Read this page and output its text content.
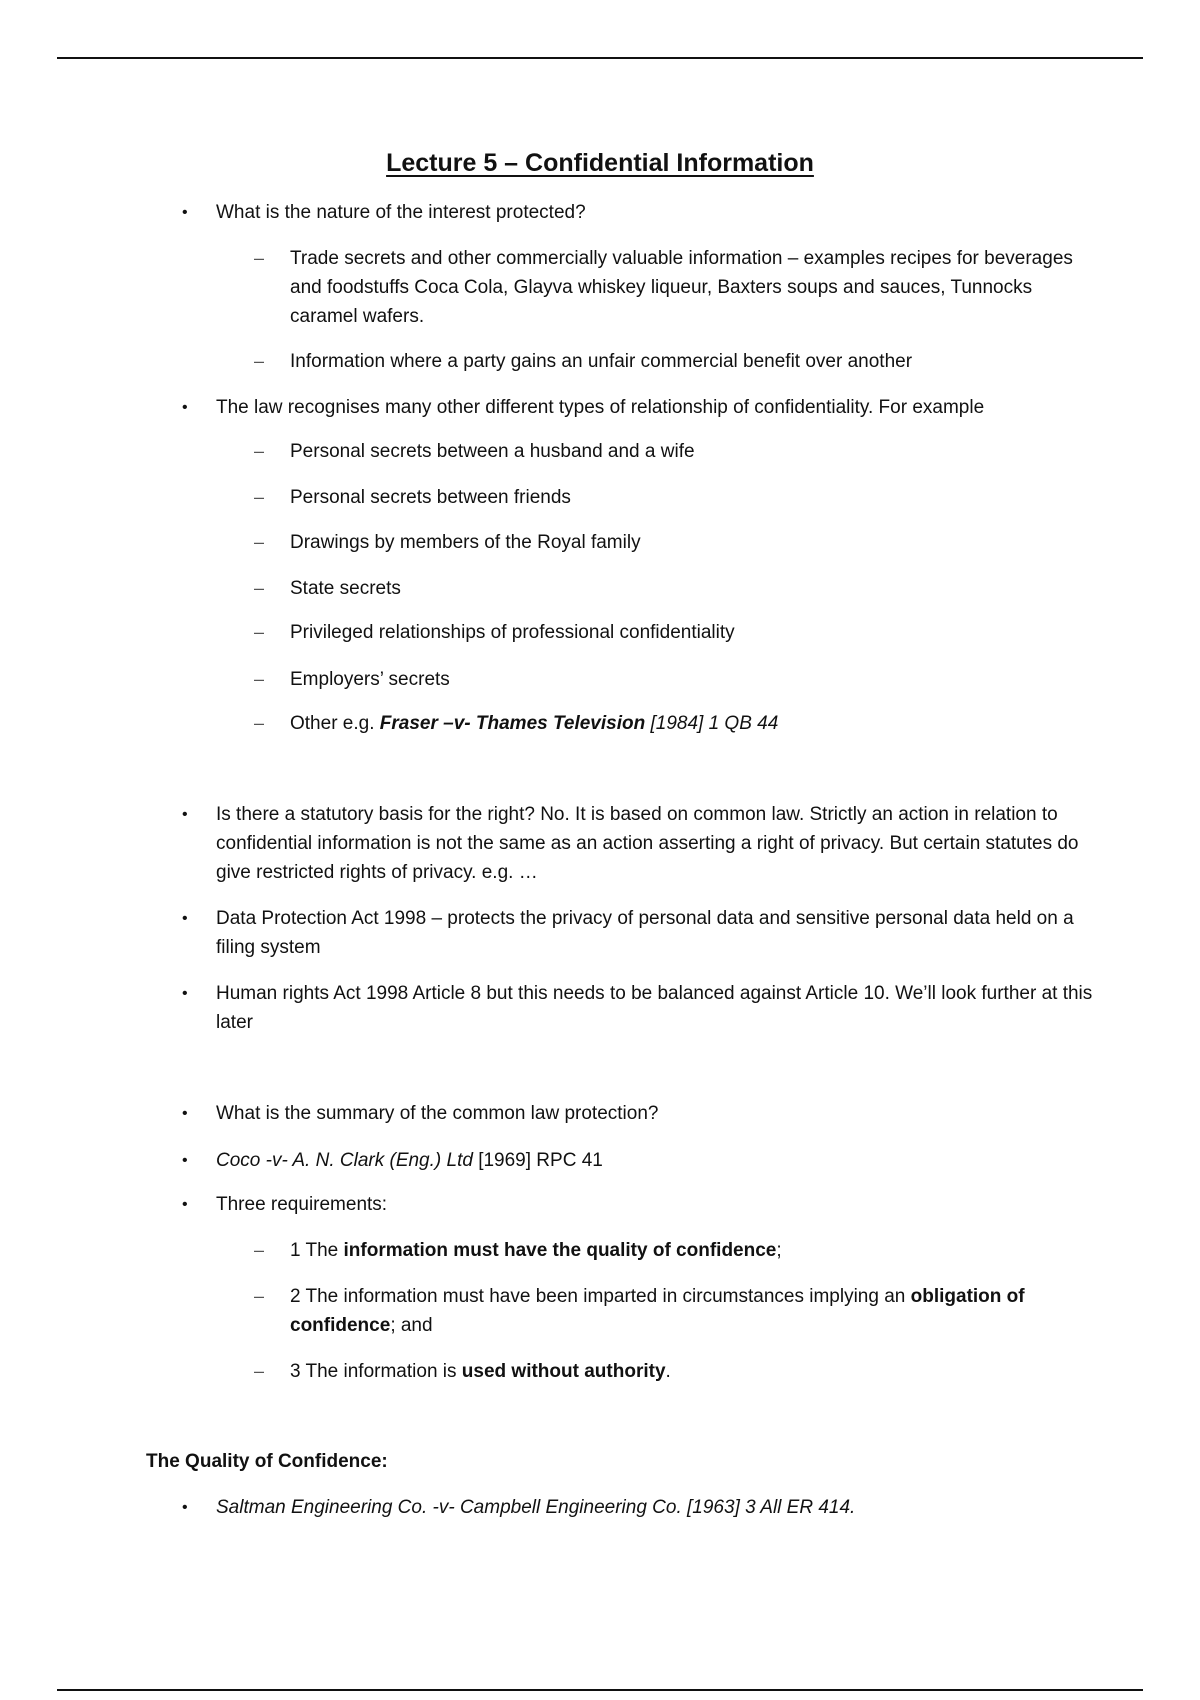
Lecture 5 – Confidential Information
• What is the nature of the interest protected?
– Trade secrets and other commercially valuable information – examples recipes for beverages and foodstuffs Coca Cola, Glayva whiskey liqueur, Baxters soups and sauces, Tunnocks caramel wafers.
– Information where a party gains an unfair commercial benefit over another
• The law recognises many other different types of relationship of confidentiality. For example
– Personal secrets between a husband and a wife
– Personal secrets between friends
– Drawings by members of the Royal family
– State secrets
– Privileged relationships of professional confidentiality
– Employers’ secrets
– Other e.g. Fraser –v- Thames Television [1984] 1 QB 44
• Is there a statutory basis for the right? No. It is based on common law. Strictly an action in relation to confidential information is not the same as an action asserting a right of privacy. But certain statutes do give restricted rights of privacy. e.g. …
• Data Protection Act 1998 – protects the privacy of personal data and sensitive personal data held on a filing system
• Human rights Act 1998 Article 8 but this needs to be balanced against Article 10. We’ll look further at this later
• What is the summary of the common law protection?
• Coco -v- A. N. Clark (Eng.) Ltd [1969] RPC 41
• Three requirements:
– 1 The information must have the quality of confidence;
– 2 The information must have been imparted in circumstances implying an obligation of confidence; and
– 3 The information is used without authority.
The Quality of Confidence:
• Saltman Engineering Co. -v- Campbell Engineering Co. [1963] 3 All ER 414.
